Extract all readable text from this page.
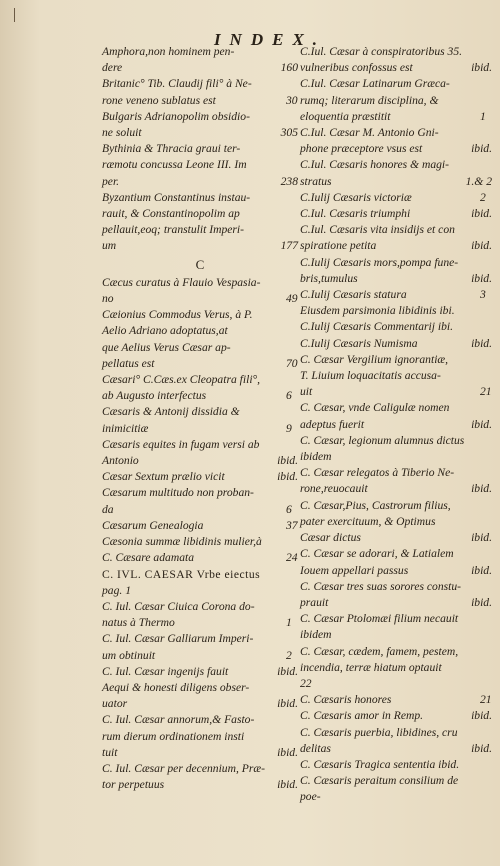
INDEX.

Amphora,non hominem pen-

160
dere

Britanic° Tib. Claudij fili° à Ne-

30
rone veneno sublatus est

Bulgaris Adrianopolim obsidio-

305
ne soluit

Bythinia & Thracia graui ter-

ræmotu concussa Leone III. Im

238
per.

Byzantium Constantinus instau-

rauit, & Constantinopolim ap

pellauit,eoq; transtulit Imperi-

177
um

C

Cæcus curatus à Flauio Vespasia-

49
no

Cæionius Commodus Verus, à P.

Aelio Adriano adoptatus,at

que Aelius Verus Cæsar ap-

70
pellatus est

Cæsari° C.Cæs.ex Cleopatra fili°,

6
ab Augusto interfectus

Cæsaris & Antonij dissidia &

9
inimicitiæ

Cæsaris equites in fugam versi ab

ibid.
Antonio

ibid.
Cæsar Sextum prælio vicit

Cæsarum multitudo non proban-

6
da

37
Cæsarum Genealogia

Cæsonia summæ libidinis mulier,à

24
C. Cæsare adamata

C. IVL. CAESAR Vrbe eiectus

pag. 1

C. Iul. Cæsar Ciuica Corona do-

1
natus à Thermo

C. Iul. Cæsar Galliarum Imperi-

2
um obtinuit

ibid.
C. Iul. Cæsar ingenijs fauit

Aequi & honesti diligens obser-

ibid.
uator

C. Iul. Cæsar annorum,& Fasto-

rum dierum ordinationem insti

ibid.
tuit

C. Iul. Cæsar per decennium, Præ-

ibid.
tor perpetuus

C.Iul. Cæsar à conspiratoribus 35.

ibid.
vulneribus confossus est

C.Iul. Cæsar Latinarum Græca-

rumq; literarum disciplina, &

1
eloquentia præstitit

C.Iul. Cæsar M. Antonio Gni-

ibid.
phone præceptore vsus est

C.Iul. Cæsaris honores & magi-

1.& 2
stratus

2
C.Iulij Cæsaris victoriæ

ibid.
C.Iul. Cæsaris triumphi

C.Iul. Cæsaris vita insidijs et con

ibid.
spiratione petita

C.Iulij Cæsaris mors,pompa fune-

ibid.
bris,tumulus

3
C.Iulij Cæsaris statura

Eiusdem parsimonia libidinis ibi.

C.Iulij Cæsaris Commentarij ibi.

ibid.
C.Iulij Cæsaris Numisma

C. Cæsar Vergilium ignorantiæ,

T. Liuium loquacitatis accusa-

21
uit

C. Cæsar, vnde Caligulæ nomen

ibid.
adeptus fuerit

C. Cæsar, legionum alumnus dictus

ibidem

C. Cæsar relegatos à Tiberio Ne-

ibid.
rone,reuocauit

C. Cæsar,Pius, Castrorum filius,

pater exercituum, & Optimus

ibid.
Cæsar dictus

C. Cæsar se adorari, & Latialem

ibid.
Iouem appellari passus

C. Cæsar tres suas sorores constu-

ibid.
prauit

C. Cæsar Ptolomæi filium necauit

ibidem

C. Cæsar, cædem, famem, pestem,

incendia, terræ hiatum optauit

22

21
C. Cæsaris honores

ibid.
C. Cæsaris amor in Remp.

C. Cæsaris puerbia, libidines, cru

ibid.
delitas

C. Cæsaris Tragica sententia ibid.

C. Cæsaris peraitum consilium de

poe-
